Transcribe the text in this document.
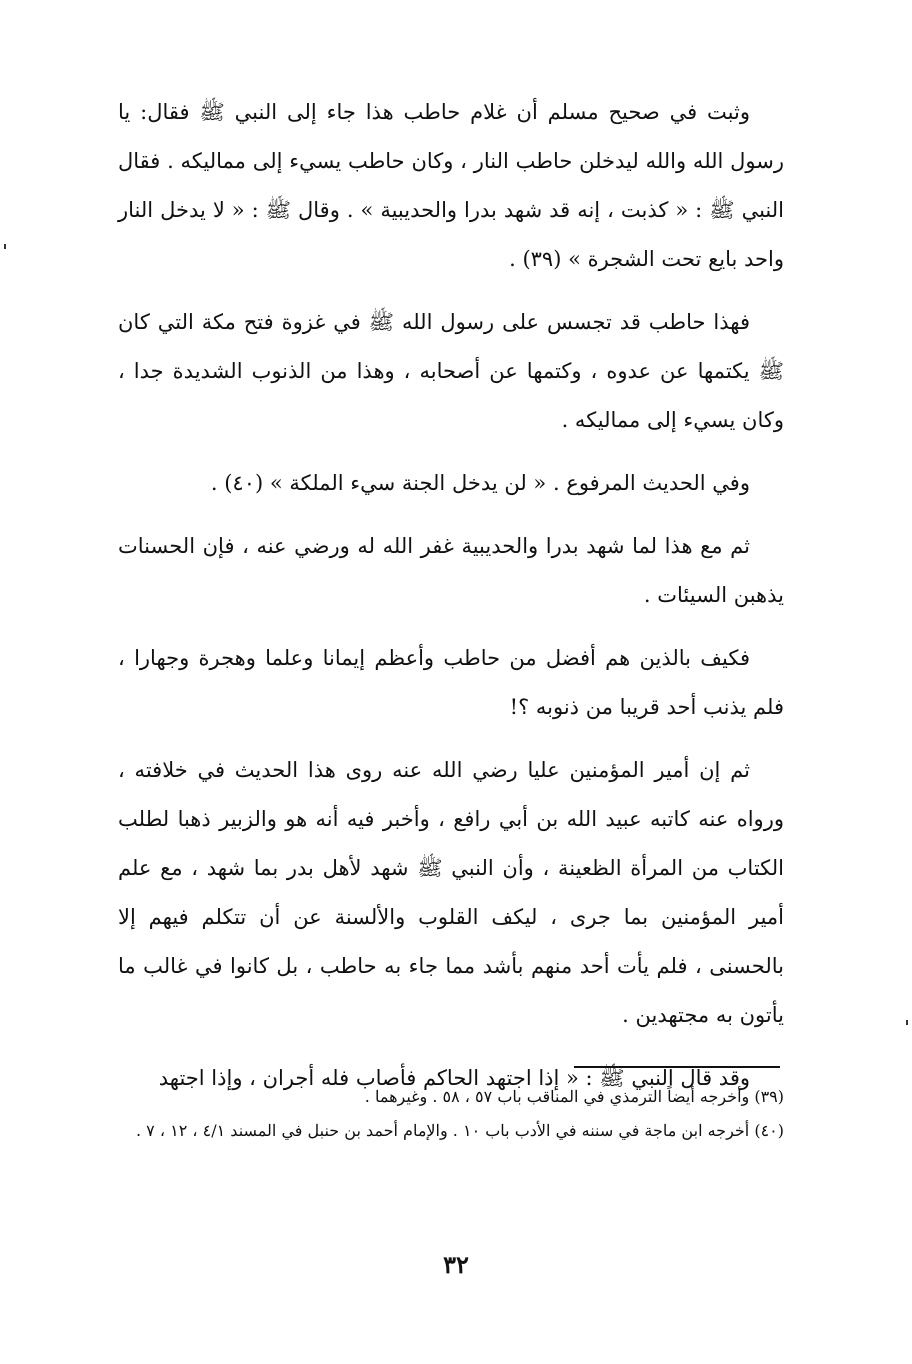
وثبت في صحيح مسلم أن غلام حاطب هذا جاء إلى النبي ﷺ فقال: يا رسول الله والله ليدخلن حاطب النار ، وكان حاطب يسيء إلى مماليكه . فقال النبي ﷺ : « كذبت ، إنه قد شهد بدرا والحديبية » . وقال ﷺ : « لا يدخل النار واحد بايع تحت الشجرة » (٣٩) .

فهذا حاطب قد تجسس على رسول الله ﷺ في غزوة فتح مكة التي كان ﷺ يكتمها عن عدوه ، وكتمها عن أصحابه ، وهذا من الذنوب الشديدة جدا ، وكان يسيء إلى مماليكه .

وفي الحديث المرفوع . « لن يدخل الجنة سيء الملكة » (٤٠) .

ثم مع هذا لما شهد بدرا والحديبية غفر الله له ورضي عنه ، فإن الحسنات يذهبن السيئات .

فكيف بالذين هم أفضل من حاطب وأعظم إيمانا وعلما وهجرة وجهارا ، فلم يذنب أحد قريبا من ذنوبه ؟!

ثم إن أمير المؤمنين عليا رضي الله عنه روى هذا الحديث في خلافته ، ورواه عنه كاتبه عبيد الله بن أبي رافع ، وأخبر فيه أنه هو والزبير ذهبا لطلب الكتاب من المرأة الظعينة ، وأن النبي ﷺ شهد لأهل بدر بما شهد ، مع علم أمير المؤمنين بما جرى ، ليكف القلوب والألسنة عن أن تتكلم فيهم إلا بالحسنى ، فلم يأت أحد منهم بأشد مما جاء به حاطب ، بل كانوا في غالب ما يأتون به مجتهدين .

وقد قال النبي ﷺ : « إذا اجتهد الحاكم فأصاب فله أجران ، وإذا اجتهد

(٣٩) وأخرجه أيضاً الترمذي في المناقب باب ٥٧ ، ٥٨ . وغيرهما .

(٤٠) أخرجه ابن ماجة في سننه في الأدب باب ١٠ . والإمام أحمد بن حنبل في المسند ٤/١ ، ١٢ ، ٧ .

٣٢
